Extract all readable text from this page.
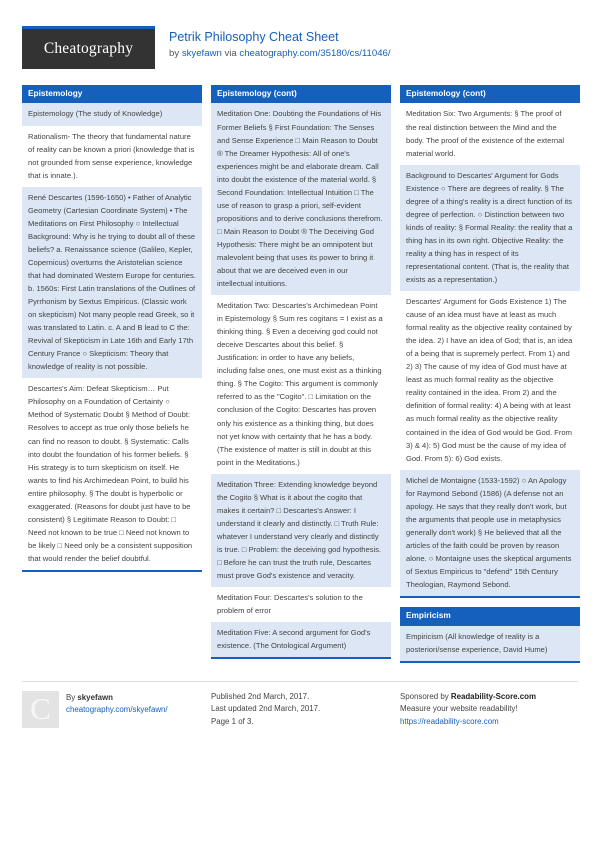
Cheatography
Petrik Philosophy Cheat Sheet
by skyefawn via cheatography.com/35180/cs/11046/
Epistemology
Epistemology (The study of Knowledge)
Rationalism- The theory that fundamental nature of reality can be known a priori (knowledge that is not grounded from sense experience, knowledge that is innate.).
René Descartes (1596-1650) • Father of Analytic Geometry (Cartesian Coordinate System) • The Meditations on First Philosophy ○ Intellectual Background: Why is he trying to doubt all of these beliefs? a. Renaissance science (Galileo, Kepler, Copernicus) overturns the Aristotelian science that had dominated Western Europe for centuries. b. 1560s: First Latin translations of the Outlines of Pyrrhonism by Sextus Empiricus. (Classic work on skepticism) Not many people read Greek, so it was translated to Latin. c. A and B lead to C the: Revival of Skepticism in Late 16th and Early 17th Century France ○ Skepticism: Theory that knowledge of reality is not possible.
Descartes's Aim: Defeat Skepticism… Put Philosophy on a Foundation of Certainty ○ Method of Systematic Doubt § Method of Doubt: Resolves to accept as true only those beliefs he can find no reason to doubt. § Systematic: Calls into doubt the foundation of his former beliefs. § His strategy is to turn skepticism on itself. He wants to find his Archimedean Point, to build his entire philosophy. § The doubt is hyperbolic or exaggerated. (Reasons for doubt just have to be consistent) § Legitimate Reason to Doubt: □ Need not known to be true □ Need not known to be likely □ Need only be a consistent supposition that would render the belief doubtful.
Epistemology (cont)
Meditation One: Doubting the Foundations of His Former Beliefs § First Foundation: The Senses and Sense Experience □ Main Reason to Doubt ® The Dreamer Hypothesis: All of one's experiences might be and elaborate dream. Call into doubt the existence of the material world. § Second Foundation: Intellectual Intuition □ The use of reason to grasp a priori, self-evident propositions and to derive conclusions therefrom. □ Main Reason to Doubt ® The Deceiving God Hypothesis: There might be an omnipotent but malevolent being that uses its power to bring it about that we are deceived even in our intellectual intuitions.
Meditation Two: Descartes's Archimedean Point in Epistemology § Sum res cogitans = I exist as a thinking thing. § Even a deceiving god could not deceive Descartes about this belief. § Justification: in order to have any beliefs, including false ones, one must exist as a thinking thing. § The Cogito: This argument is commonly referred to as the "Cogito". □ Limitation on the conclusion of the Cogito: Descartes has proven only his existence as a thinking thing, but does not yet know with certainty that he has a body. (The existence of matter is still in doubt at this point in the Meditations.)
Meditation Three: Extending knowledge beyond the Cogito § What is it about the cogito that makes it certain? □ Descartes's Answer: I understand it clearly and distinctly. □ Truth Rule: whatever I understand very clearly and distinctly is true. □ Problem: the deceiving god hypothesis. □ Before he can trust the truth rule, Descartes must prove God's existence and veracity.
Meditation Four: Descartes's solution to the problem of error
Meditation Five: A second argument for God's existence. (The Ontological Argument)
Epistemology (cont)
Meditation Six: Two Arguments: § The proof of the real distinction between the Mind and the body. The proof of the existence of the external material world.
Background to Descartes' Argument for Gods Existence ○ There are degrees of reality. § The degree of a thing's reality is a direct function of its degree of perfection. ○ Distinction between two kinds of reality: § Formal Reality: the reality that a thing has in its own right. Objective Reality: the reality a thing has in respect of its representational content. (That is, the reality that exists as a representation.)
Descartes' Argument for Gods Existence 1) The cause of an idea must have at least as much formal reality as the objective reality contained by the idea. 2) I have an idea of God; that is, an idea of a being that is supremely perfect. From 1) and 2) 3) The cause of my idea of God must have at least as much formal reality as the objective reality contained in the idea. From 2) and the definition of formal reality: 4) A being with at least as much formal reality as the objective reality contained in the idea of God would be God. From 3) & 4): 5) God must be the cause of my idea of God. From 5): 6) God exists.
Michel de Montaigne (1533-1592) ○ An Apology for Raymond Sebond (1586) (A defense not an apology. He says that they really don't work, but the arguments that people use in metaphysics generally don't work) § He believed that all the articles of the faith could be proven by reason alone. ○ Montaigne uses the skeptical arguments of Sextus Empiricus to "defend" 15th Century Theologian, Raymond Sebond.
Empiricism
Empiricism (All knowledge of reality is a posteriori/sense experience, David Hume)
C	By skyefawn
cheatography.com/skyefawn/
Published 2nd March, 2017.
Last updated 2nd March, 2017.
Page 1 of 3.
Sponsored by Readability-Score.com
Measure your website readability!
https://readability-score.com
